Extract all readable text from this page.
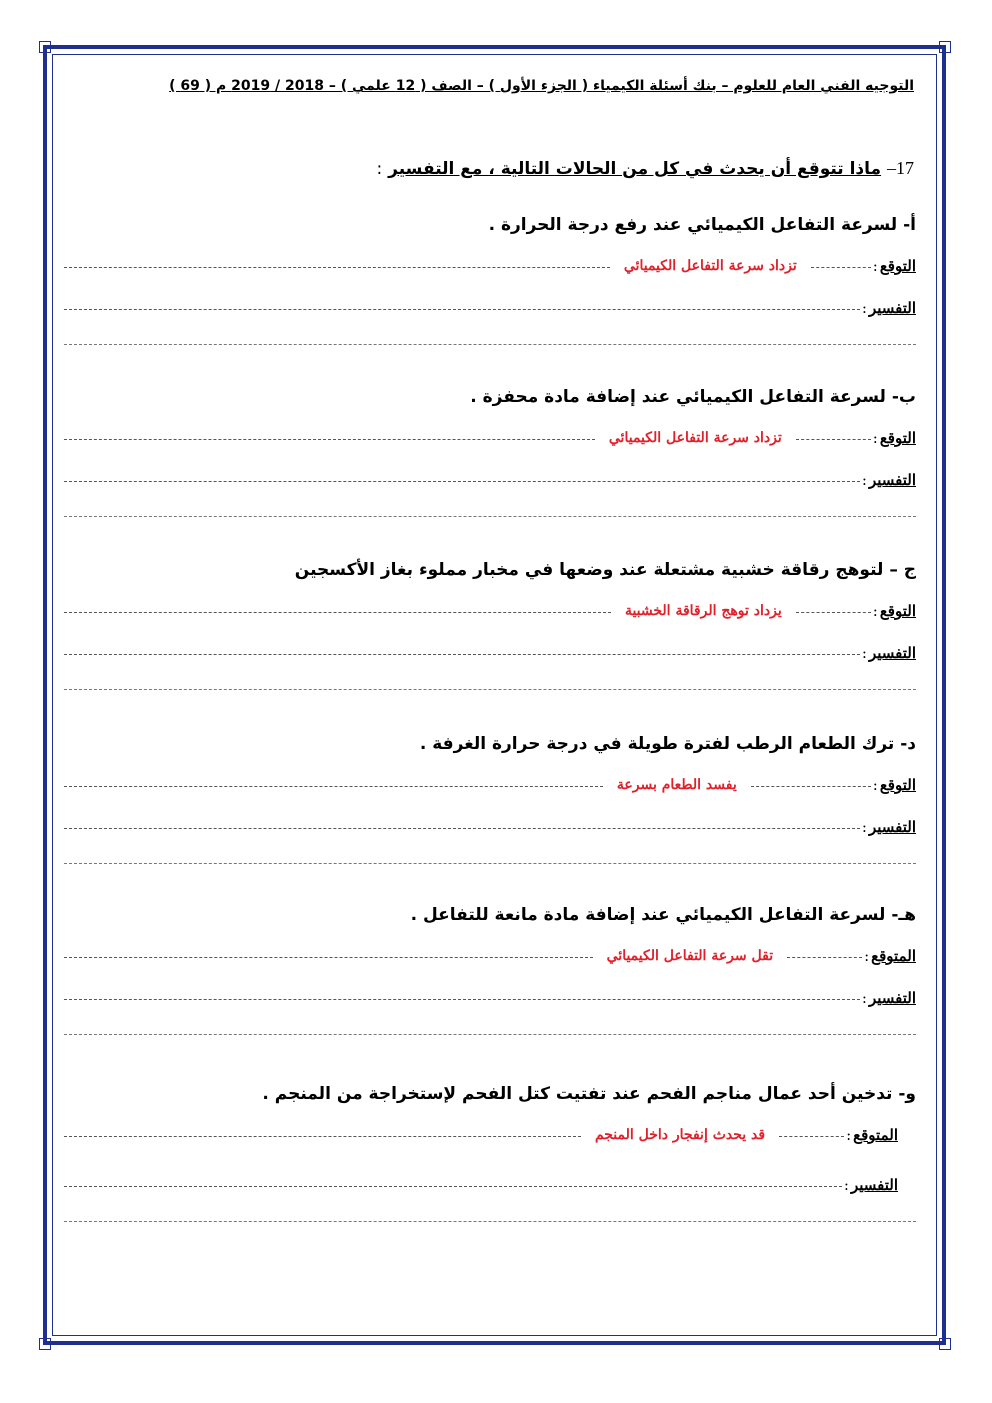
التوجيه الفني العام للعلوم – بنك أسئلة الكيمياء ( الجزء الأول ) – الصف ( 12 علمي ) – 2018 / 2019 م ( 69 )
17– ماذا تتوقع أن يحدث في كل من الحالات التالية ، مع التفسير :
أ- لسرعة التفاعل الكيميائي عند رفع درجة الحرارة .
التوقع
:
تزداد سرعة التفاعل الكيميائي
التفسير
:
ب- لسرعة التفاعل الكيميائي عند إضافة مادة محفزة .
التوقع
:
تزداد سرعة التفاعل الكيميائي
التفسير
:
ج – لتوهج رقاقة خشبية مشتعلة عند وضعها في مخبار مملوء بغاز الأكسجين
التوقع
:
يزداد توهج الرقاقة الخشبية
التفسير
:
د- ترك الطعام الرطب لفترة طويلة في درجة حرارة الغرفة .
التوقع
:
يفسد الطعام بسرعة
التفسير
:
هـ- لسرعة التفاعل الكيميائي عند إضافة مادة مانعة للتفاعل .
المتوقع
:
تقل سرعة التفاعل الكيميائي
التفسير
:
و- تدخين أحد عمال مناجم الفحم عند تفتيت كتل الفحم لإستخراجة من المنجم .
المتوقع
:
قد يحدث إنفجار داخل المنجم
التفسير
:
